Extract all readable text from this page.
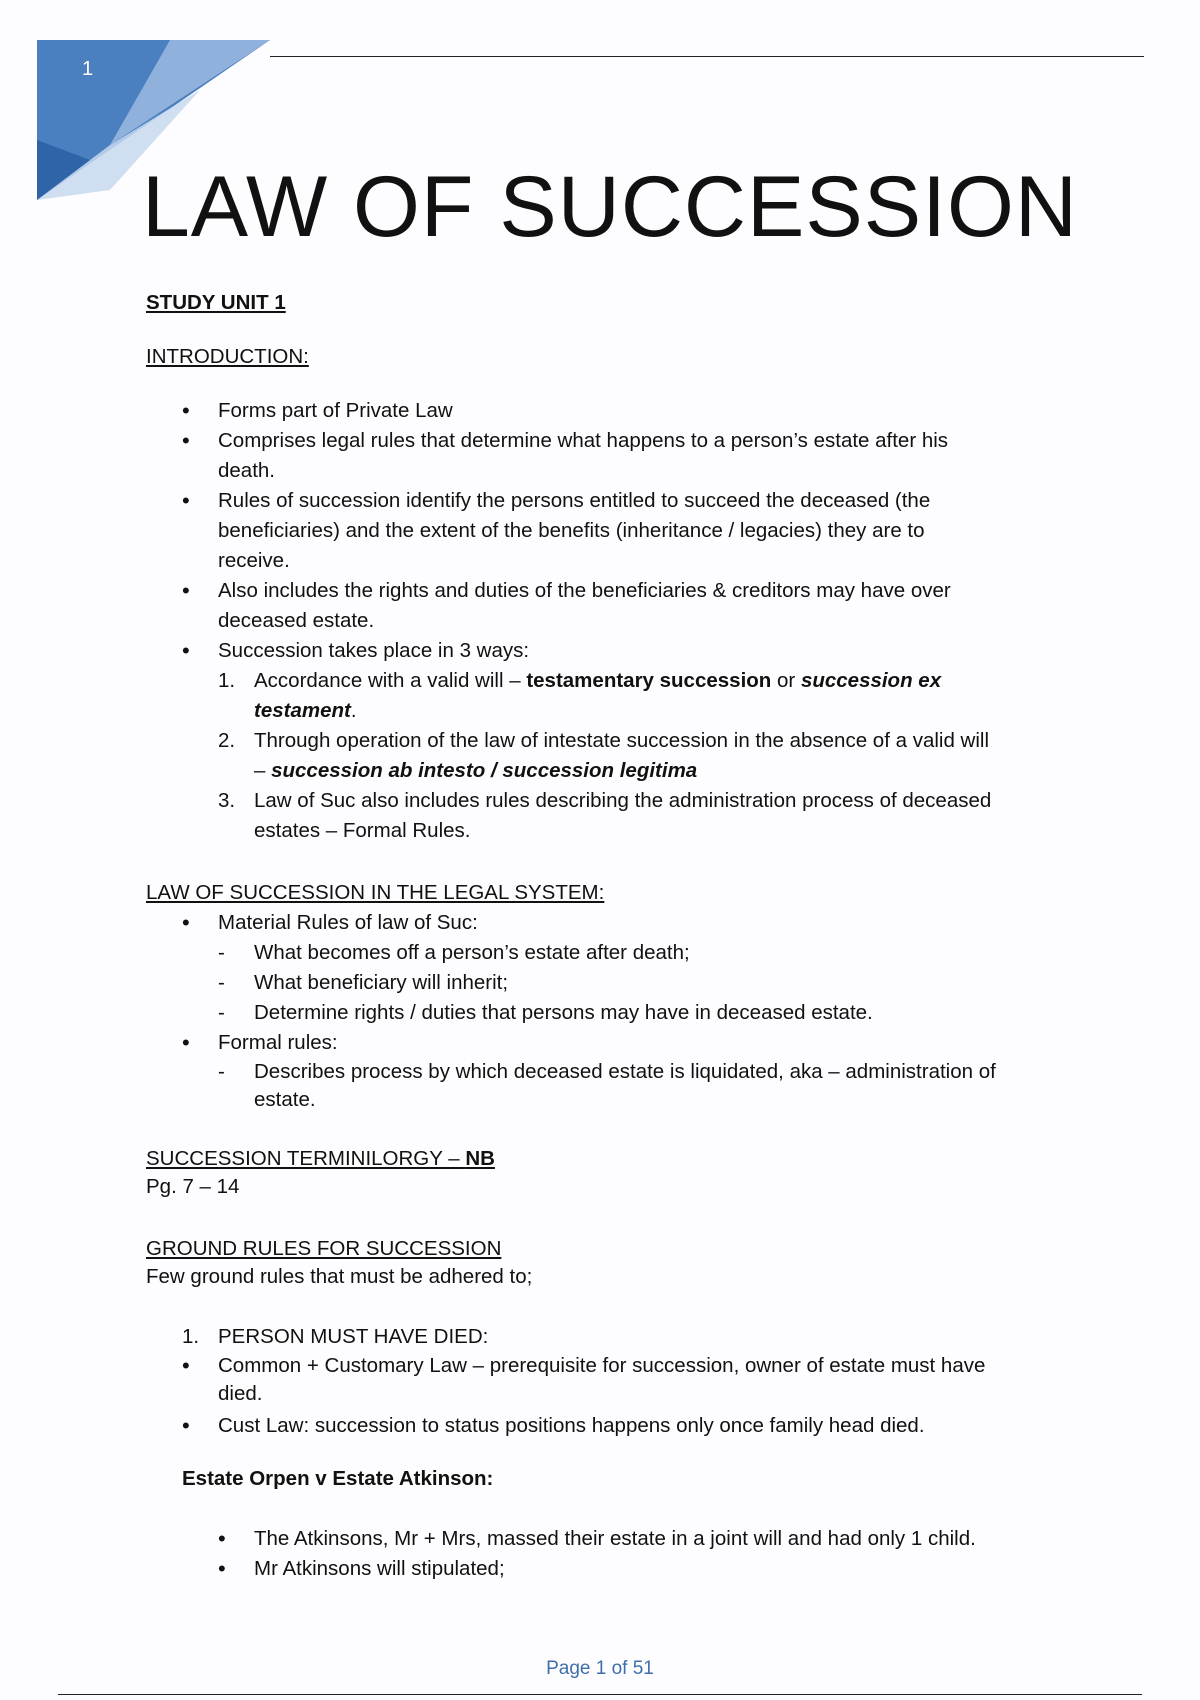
1
LAW OF SUCCESSION
STUDY UNIT 1
INTRODUCTION:
• Forms part of Private Law
• Comprises legal rules that determine what happens to a person’s estate after his
death.
• Rules of succession identify the persons entitled to succeed the deceased (the
beneficiaries) and the extent of the benefits (inheritance / legacies) they are to
receive.
• Also includes the rights and duties of the beneficiaries & creditors may have over
deceased estate.
• Succession takes place in 3 ways:
1. Accordance with a valid will – testamentary succession or succession ex
testament.
2. Through operation of the law of intestate succession in the absence of a valid will
– succession ab intesto / succession legitima
3. Law of Suc also includes rules describing the administration process of deceased
estates – Formal Rules.
LAW OF SUCCESSION IN THE LEGAL SYSTEM:
• Material Rules of law of Suc:
- What becomes off a person’s estate after death;
- What beneficiary will inherit;
- Determine rights / duties that persons may have in deceased estate.
• Formal rules:
- Describes process by which deceased estate is liquidated, aka – administration of
estate.
SUCCESSION TERMINILORGY – NB
Pg. 7 – 14
GROUND RULES FOR SUCCESSION
Few ground rules that must be adhered to;
1. PERSON MUST HAVE DIED:
• Common + Customary Law – prerequisite for succession, owner of estate must have
died.
• Cust Law: succession to status positions happens only once family head died.
Estate Orpen v Estate Atkinson:
• The Atkinsons, Mr + Mrs, massed their estate in a joint will and had only 1 child.
• Mr Atkinsons will stipulated;
Page 1 of 51
